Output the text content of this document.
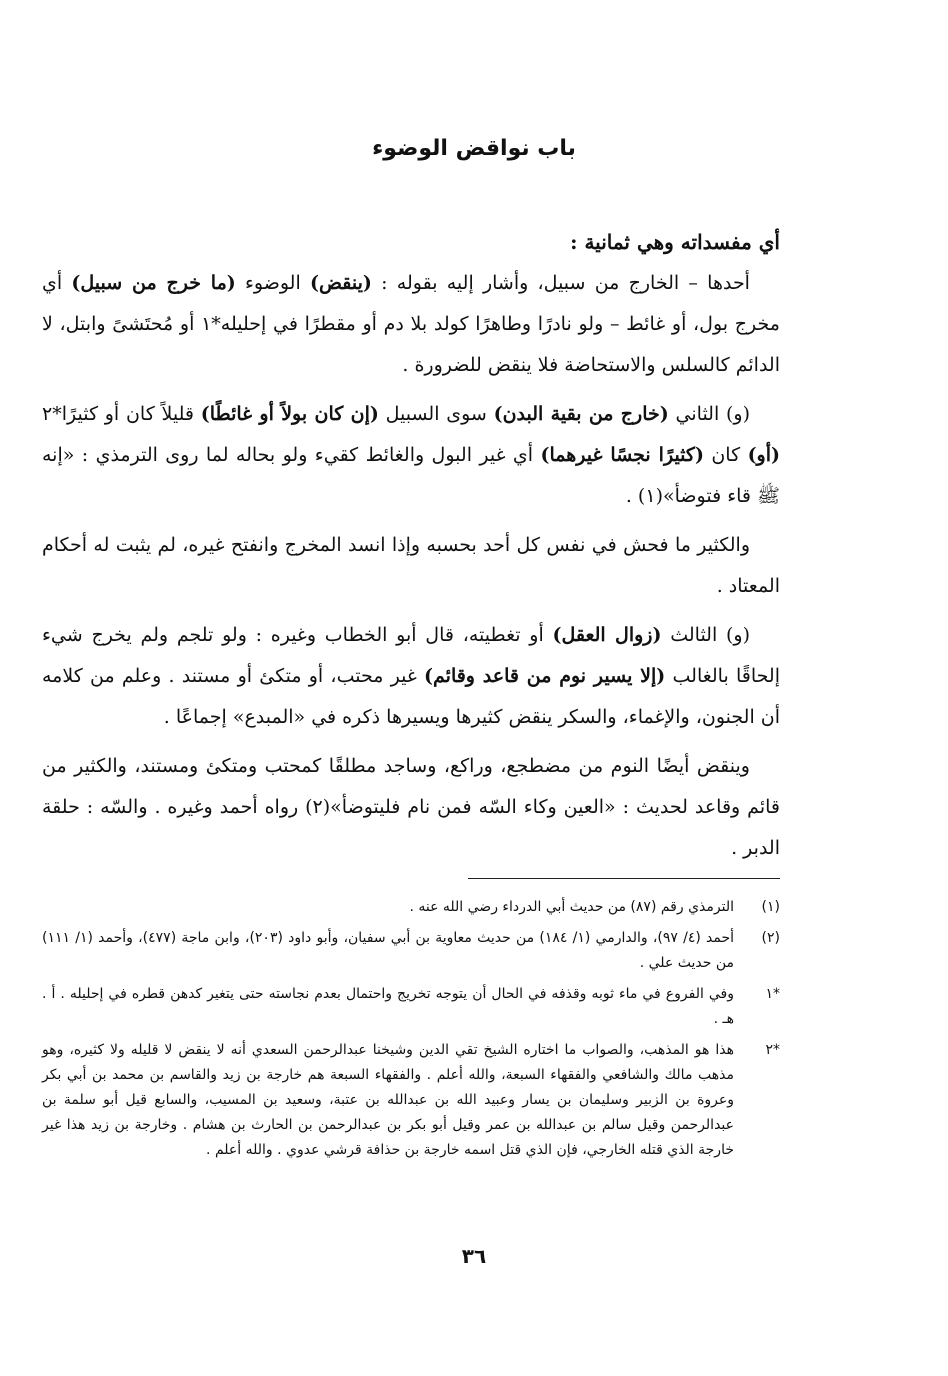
باب نواقض الوضوء

أي مفسداته وهي ثمانية :

أحدها – الخارج من سبيل، وأشار إليه بقوله : (ينقض) الوضوء (ما خرج من سبيل) أي مخرج بول، أو غائط – ولو نادرًا وطاهرًا كولد بلا دم أو مقطرًا في إحليله*١ أو مُحتَشىً وابتل، لا الدائم كالسلس والاستحاضة فلا ينقض للضرورة .

(و) الثاني (خارج من بقية البدن) سوى السبيل (إن كان بولاً أو غائطًا) قليلاً كان أو كثيرًا*٢ (أو) كان (كثيرًا نجسًا غيرهما) أي غير البول والغائط كقيء ولو بحاله لما روى الترمذي : «إنه ﷺ قاء فتوضأ»(١) .

والكثير ما فحش في نفس كل أحد بحسبه وإذا انسد المخرج وانفتح غيره، لم يثبت له أحكام المعتاد .

(و) الثالث (زوال العقل) أو تغطيته، قال أبو الخطاب وغيره : ولو تلجم ولم يخرج شيء إلحاقًا بالغالب (إلا يسير نوم من قاعد وقائم) غير محتب، أو متكئ أو مستند . وعلم من كلامه أن الجنون، والإغماء، والسكر ينقض كثيرها ويسيرها ذكره في «المبدع» إجماعًا .

وينقض أيضًا النوم من مضطجع، وراكع، وساجد مطلقًا كمحتب ومتكئ ومستند، والكثير من قائم وقاعد لحديث : «العين وكاء السّه فمن نام فليتوضأ»(٢) رواه أحمد وغيره . والسّه : حلقة الدبر .

(١)
الترمذي رقم (٨٧) من حديث أبي الدرداء رضي الله عنه .
(٢)
أحمد (٤/ ٩٧)، والدارمي (١/ ١٨٤) من حديث معاوية بن أبي سفيان، وأبو داود (٢٠٣)، وابن ماجة (٤٧٧)، وأحمد (١/ ١١١) من حديث علي .
*١
وفي الفروع في ماء ثوبه وقذفه في الحال أن يتوجه تخريج واحتمال بعدم نجاسته حتى يتغير كدهن قطره في إحليله . أ . هـ .
*٢
هذا هو المذهب، والصواب ما اختاره الشيخ تقي الدين وشيخنا عبدالرحمن السعدي أنه لا ينقض لا قليله ولا كثيره، وهو مذهب مالك والشافعي والفقهاء السبعة، والله أعلم . والفقهاء السبعة هم خارجة بن زيد والقاسم بن محمد بن أبي بكر وعروة بن الزبير وسليمان بن يسار وعبيد الله بن عبدالله بن عتبة، وسعيد بن المسيب، والسابع قيل أبو سلمة بن عبدالرحمن وقيل سالم بن عبدالله بن عمر وقيل أبو بكر بن عبدالرحمن بن الحارث بن هشام . وخارجة بن زيد هذا غير خارجة الذي قتله الخارجي، فإن الذي قتل اسمه خارجة بن حذافة قرشي عدوي . والله أعلم .
٣٦
